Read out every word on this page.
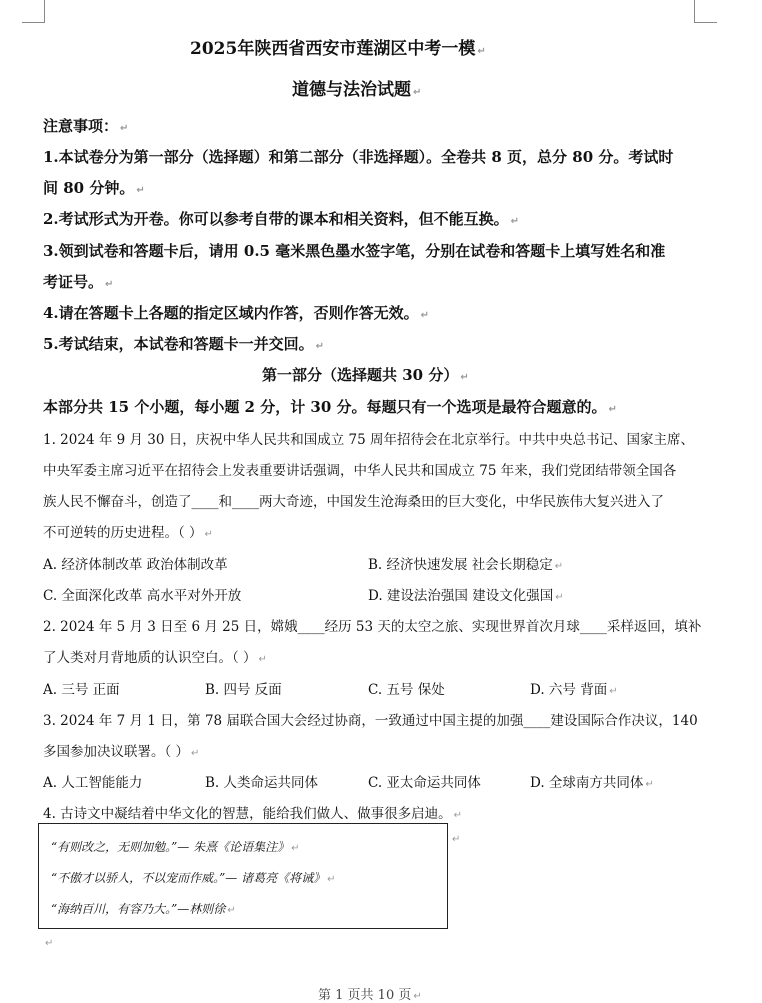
2025年陕西省西安市莲湖区中考一模 ↵
道德与法治试题 ↵
注意事项： ↵
1.本试卷分为第一部分（选择题）和第二部分（非选择题）。全卷共 8 页，总分 80 分。考试时
间 80 分钟。 ↵
2.考试形式为开卷。你可以参考自带的课本和相关资料，但不能互换。 ↵
3.领到试卷和答题卡后，请用 0.5 毫米黑色墨水签字笔，分别在试卷和答题卡上填写姓名和准
考证号。 ↵
4.请在答题卡上各题的指定区域内作答，否则作答无效。 ↵
5.考试结束，本试卷和答题卡一并交回。 ↵
第一部分（选择题共 30 分） ↵
本部分共 15 个小题，每小题 2 分，计 30 分。每题只有一个选项是最符合题意的。 ↵
1. 2024 年 9 月 30 日，庆祝中华人民共和国成立 75 周年招待会在北京举行。中共中央总书记、国家主席、
中央军委主席习近平在招待会上发表重要讲话强调，中华人民共和国成立 75 年来，我们党团结带领全国各
族人民不懈奋斗，创造了____和____两大奇迹，中国发生沧海桑田的巨大变化，中华民族伟大复兴进入了
不可逆转的历史进程。（ ） ↵
A. 经济体制改革 政治体制改革	B. 经济快速发展 社会长期稳定 ↵
C. 全面深化改革 高水平对外开放	D. 建设法治强国 建设文化强国 ↵
2. 2024 年 5 月 3 日至 6 月 25 日，嫦娥____经历 53 天的太空之旅、实现世界首次月球____采样返回，填补
了人类对月背地质的认识空白。（ ） ↵
A. 三号 正面	B. 四号 反面	C. 五号 保处	D. 六号 背面 ↵
3. 2024 年 7 月 1 日，第 78 届联合国大会经过协商，一致通过中国主提的加强____建设国际合作决议，140
多国参加决议联署。（ ） ↵
A. 人工智能能力	B. 人类命运共同体	C. 亚太命运共同体	D. 全球南方共同体 ↵
4. 古诗文中凝结着中华文化的智慧，能给我们做人、做事很多启迪。 ↵
“有则改之，无则加勉。”— 朱熹《论语集注》 ↵
“不傲才以骄人，不以宠而作威。”— 诸葛亮《将诫》 ↵
“海纳百川，有容乃大。”—林则徐 ↵
↵
↵
第 1 页共 10 页 ↵
